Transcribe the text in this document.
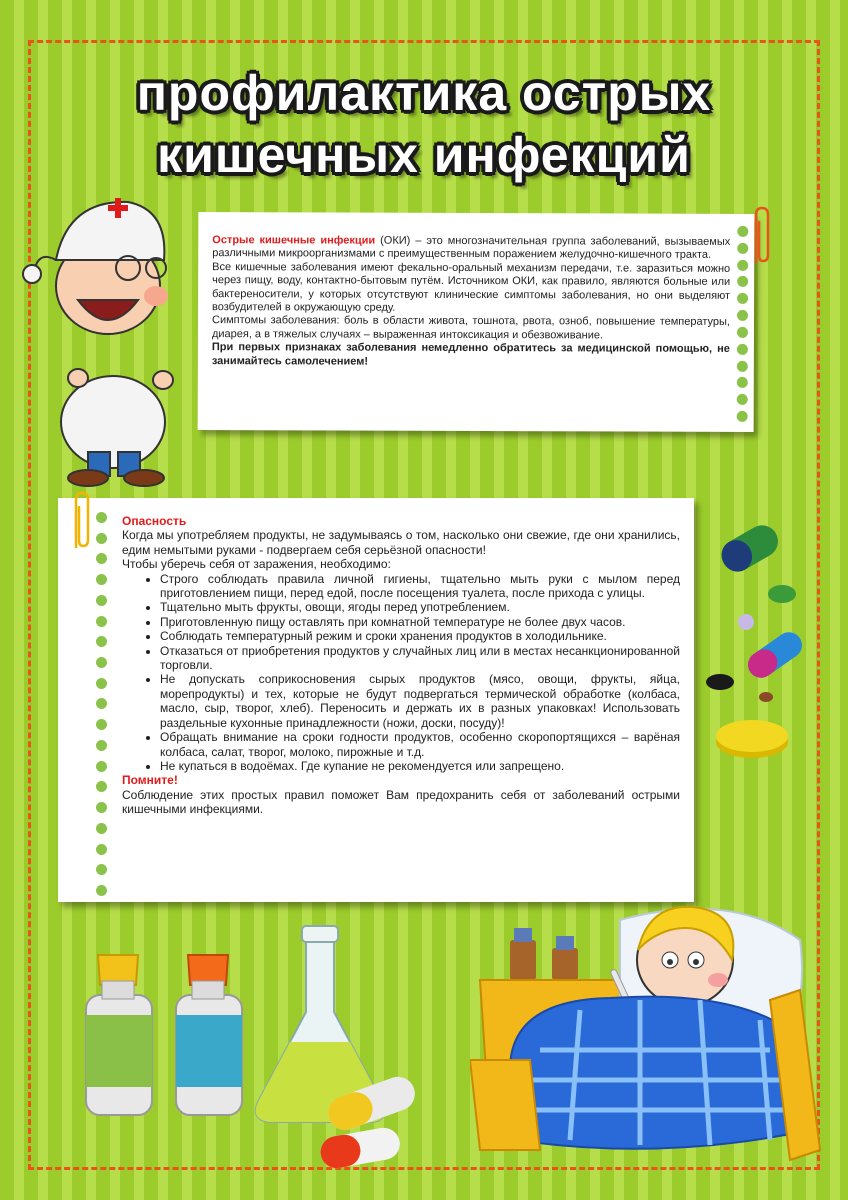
профилактика острых
кишечных инфекций
Острые кишечные инфекции (ОКИ) – это многозначительная группа заболеваний, вызываемых различными микроорганизмами с преимущественным поражением желудочно-кишечного тракта.
Все кишечные заболевания имеют фекально-оральный механизм передачи, т.е. заразиться можно через пищу, воду, контактно-бытовым путём. Источником ОКИ, как правило, являются больные или бактереносители, у которых отсутствуют клинические симптомы заболевания, но они выделяют возбудителей в окружающую среду.
Симптомы заболевания: боль в области живота, тошнота, рвота, озноб, повышение температуры, диарея, а в тяжелых случаях – выраженная интоксикация и обезвоживание.
При первых признаках заболевания немедленно обратитесь за медицинской помощью, не занимайтесь самолечением!
Опасность
Когда мы употребляем продукты, не задумываясь о том, насколько они свежие, где они хранились, едим немытыми руками - подвергаем себя серьёзной опасности!
Чтобы уберечь себя от заражения, необходимо:
• Строго соблюдать правила личной гигиены, тщательно мыть руки с мылом перед приготовлением пищи, перед едой, после посещения туалета, после прихода с улицы.
• Тщательно мыть фрукты, овощи, ягоды перед употреблением.
• Приготовленную пищу оставлять при комнатной температуре не более двух часов.
• Соблюдать температурный режим и сроки хранения продуктов в холодильнике.
• Отказаться от приобретения продуктов у случайных лиц или в местах несанкционированной торговли.
• Не допускать соприкосновения сырых продуктов (мясо, овощи, фрукты, яйца, морепродукты) и тех, которые не будут подвергаться термической обработке (колбаса, масло, сыр, творог, хлеб). Переносить и держать их в разных упаковках! Использовать раздельные кухонные принадлежности (ножи, доски, посуду)!
• Обращать внимание на сроки годности продуктов, особенно скоропортящихся – варёная колбаса, салат, творог, молоко, пирожные и т.д.
• Не купаться в водоёмах. Где купание не рекомендуется или запрещено.
Помните!
Соблюдение этих простых правил поможет Вам предохранить себя от заболеваний острыми кишечными инфекциями.
